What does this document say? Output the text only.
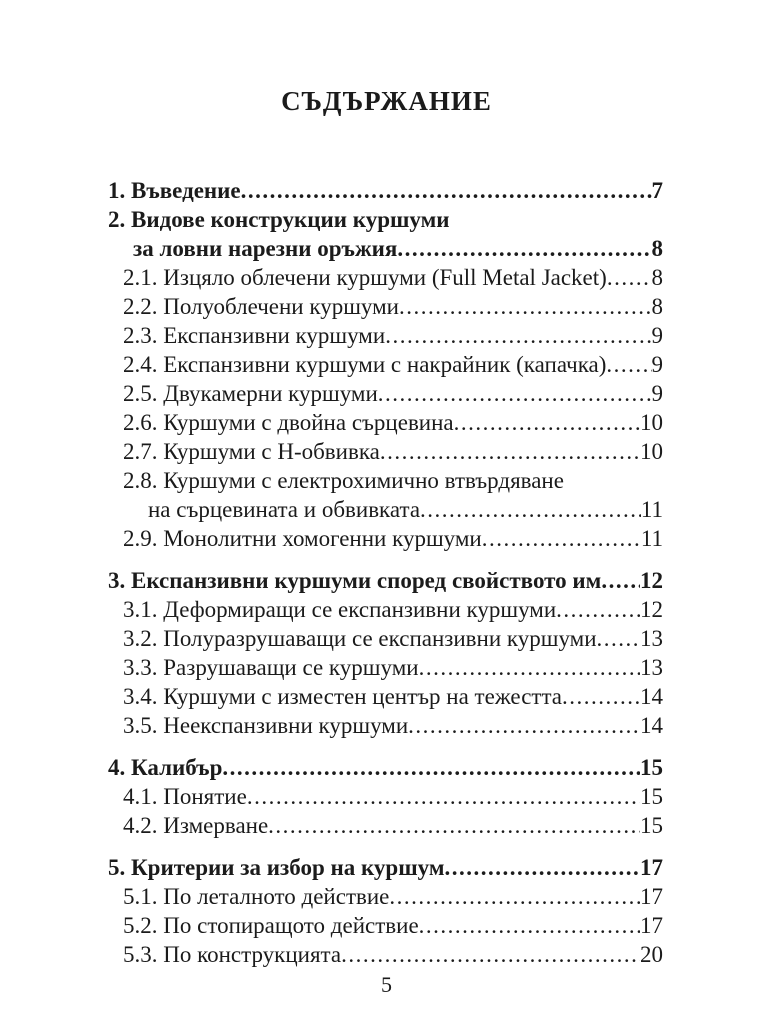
СЪДЪРЖАНИЕ
1. Въведение .....	7
2. Видове конструкции куршуми
за ловни нарезни оръжия .....	8
2.1. Изцяло облечени куршуми (Full Metal Jacket) ..... 8
2.2. Полуоблечени куршуми .....	8
2.3. Експанзивни куршуми .....	9
2.4. Експанзивни куршуми с накрайник (капачка) ..... 9
2.5. Двукамерни куршуми .....	9
2.6. Куршуми с двойна сърцевина .....	10
2.7. Куршуми с Н-обвивка .....	10
2.8. Куршуми с електрохимично втвърдяване
на сърцевината и обвивката .....	11
2.9. Монолитни хомогенни куршуми .....	11
3. Експанзивни куршуми според свойството им ..... 12
3.1. Деформиращи се експанзивни куршуми .....	12
3.2. Полуразрушаващи се експанзивни куршуми ..... 13
3.3. Разрушаващи се куршуми .....	13
3.4. Куршуми с изместен център на тежестта .....	14
3.5. Неекспанзивни куршуми .....	14
4. Калибър .....	15
4.1. Понятие .....	15
4.2. Измерване .....	15
5. Критерии за избор на куршум .....	17
5.1. По леталното действие .....	17
5.2. По стопиращото действие .....	17
5.3. По конструкцията .....	20
5
